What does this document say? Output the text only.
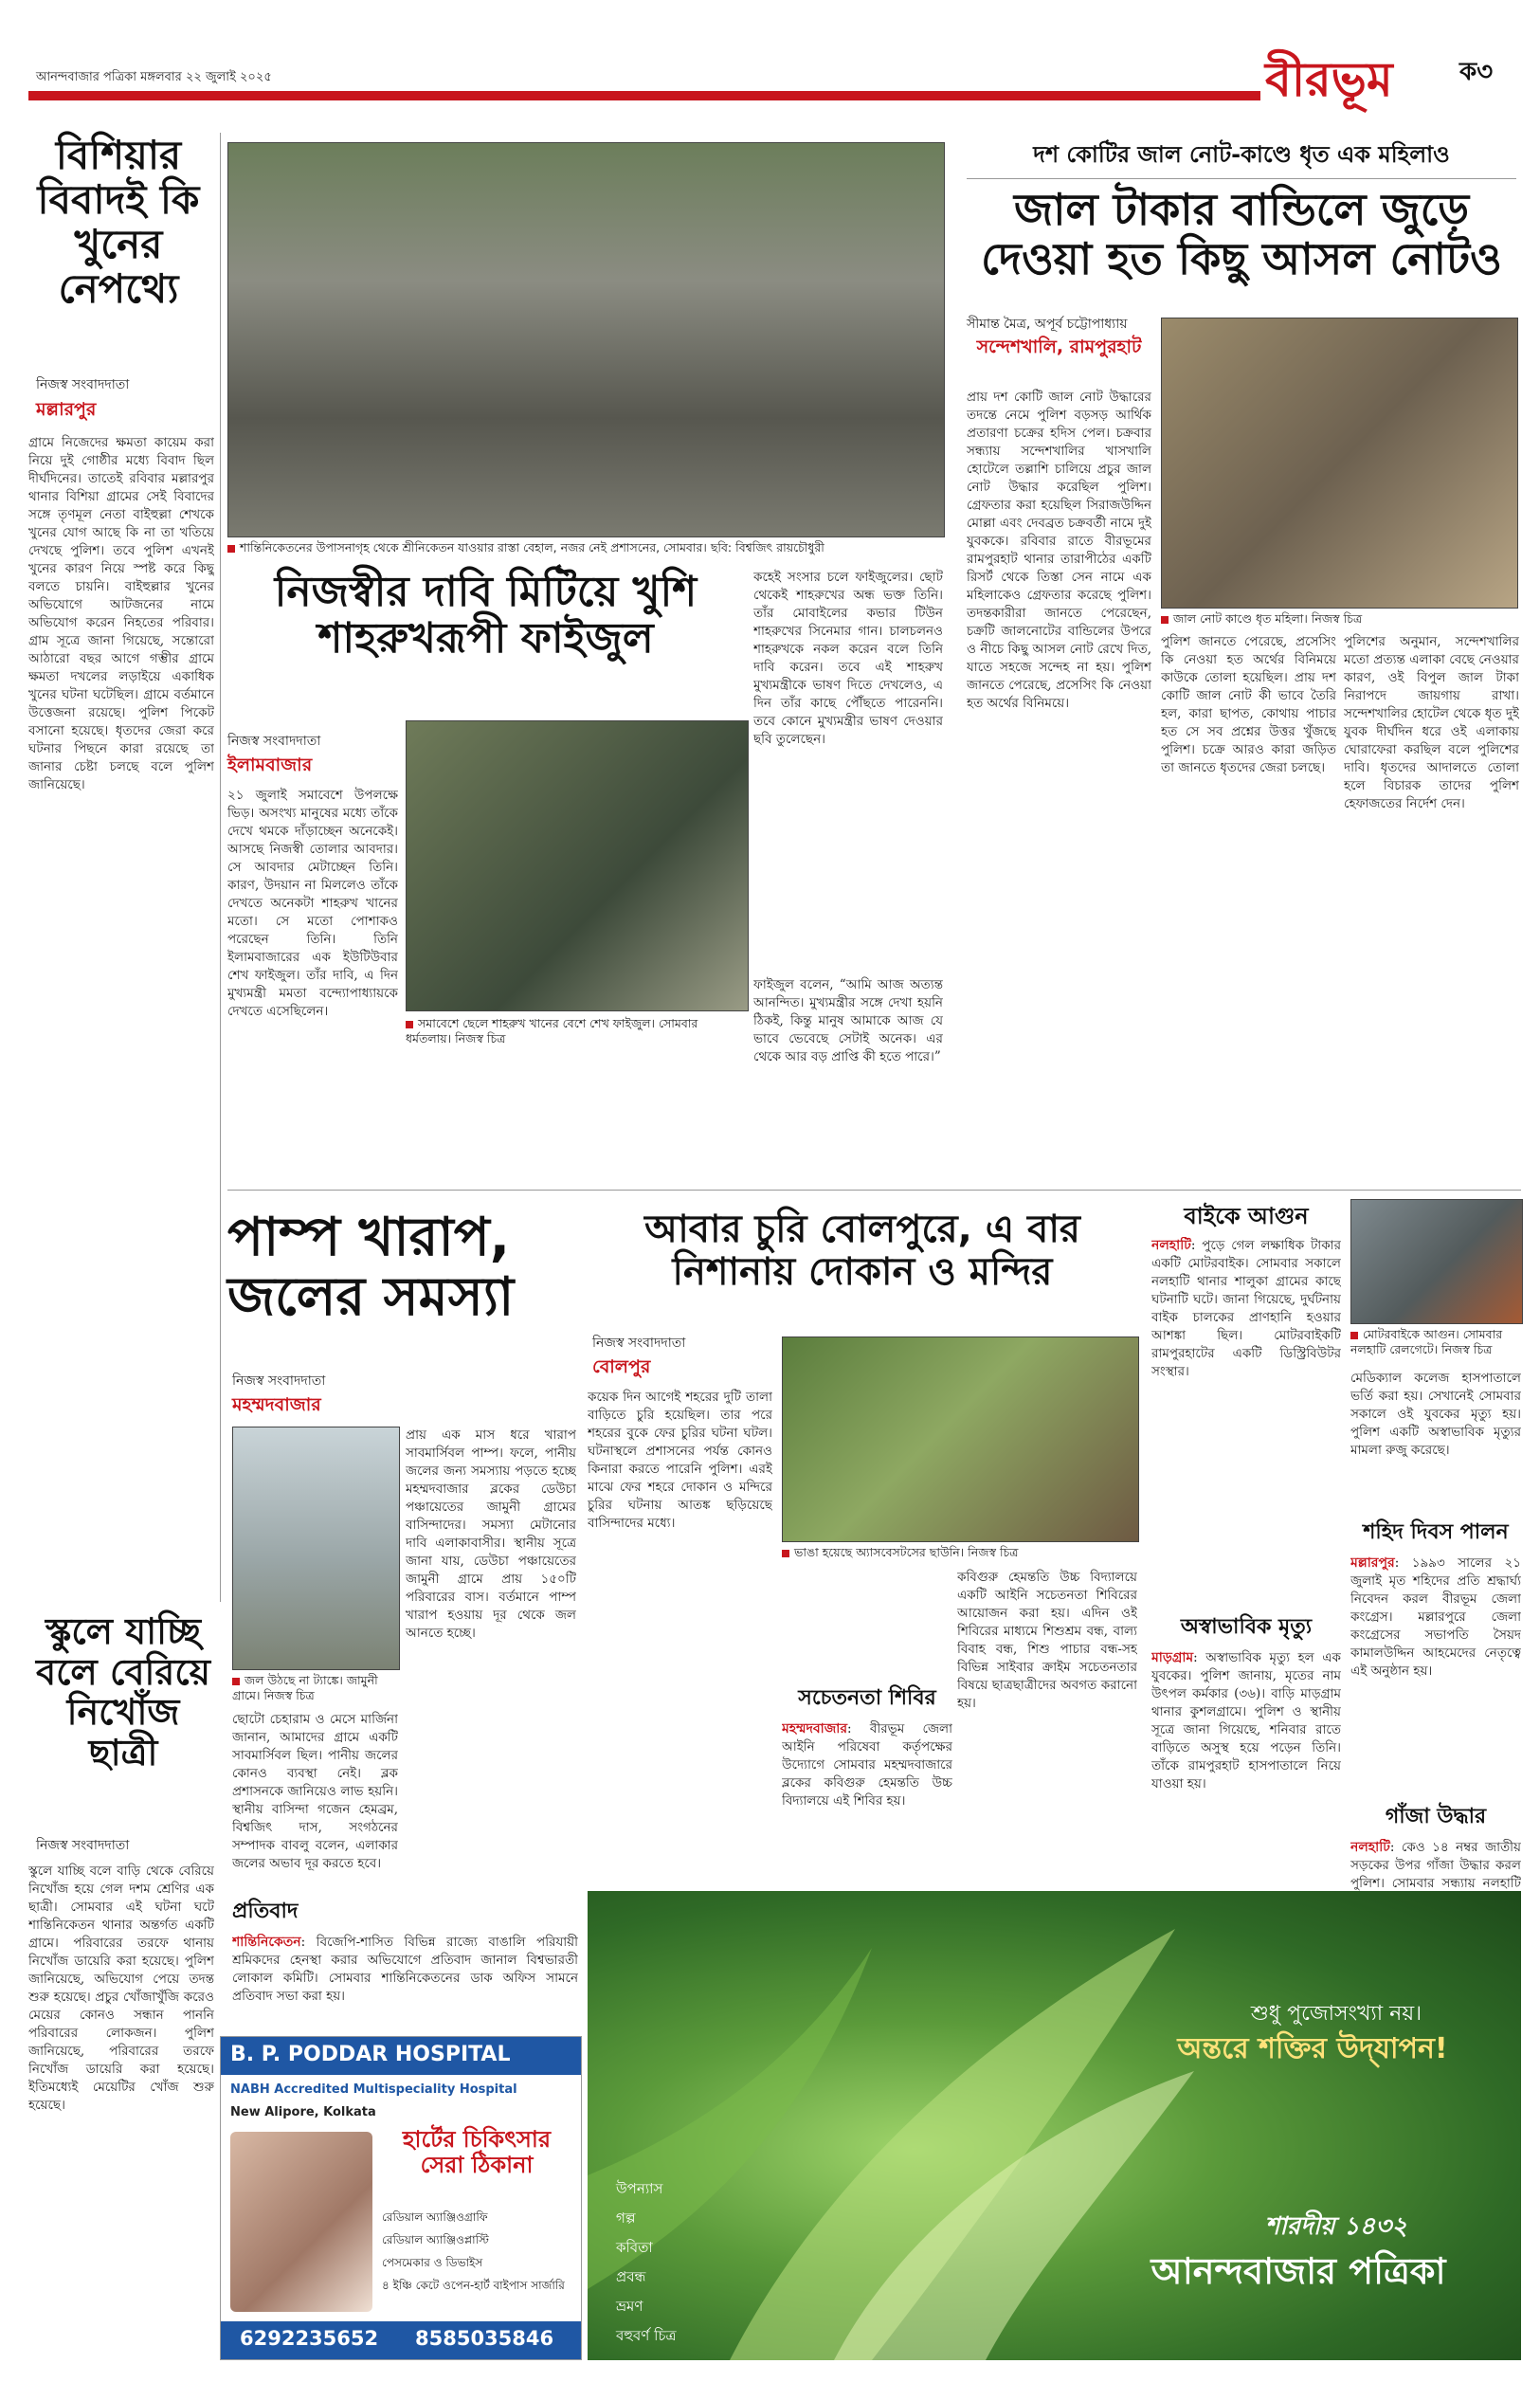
আনন্দবাজার পত্রিকা মঙ্গলবার ২২ জুলাই ২০২৫	বীরভূম	ক৩
বিশিয়ার বিবাদই কি খুনের নেপথ্যে
নিজস্ব সংবাদদাতা
মল্লারপুর
গ্রামে নিজেদের ক্ষমতা কায়েম করা নিয়ে দুই গোষ্ঠীর মধ্যে বিবাদ ছিল দীর্ঘদিনের। তাতেই রবিবার মল্লারপুর থানার বিশিয়া গ্রামের সেই বিবাদের সঙ্গে তৃণমূল নেতা বাইহুল্লা শেখকে খুনের যোগ আছে কি না তা খতিয়ে দেখছে পুলিশ। তবে পুলিশ এখনই খুনের কারণ নিয়ে স্পষ্ট করে কিছু বলতে চায়নি। বাইহুল্লার খুনের অভিযোগে আটজনের নামে অভিযোগ করেন নিহতের পরিবার। গ্রাম সূত্রে জানা গিয়েছে, সন্তোরো আঠারো বছর আগে গম্ভীর গ্রামে ক্ষমতা দখলের লড়াইয়ে একাধিক খুনের ঘটনা ঘটেছিল। গ্রামে বর্তমানে উত্তেজনা রয়েছে। পুলিশ পিকেট বসানো হয়েছে। ধৃতদের জেরা করে ঘটনার পিছনে কারা রয়েছে তা জানার চেষ্টা চলছে বলে পুলিশ জানিয়েছে।
শান্তিনিকেতনের উপাসনাগৃহ থেকে শ্রীনিকেতন যাওয়ার রাস্তা বেহাল, নজর নেই প্রশাসনের, সোমবার। ছবি: বিশ্বজিৎ রায়চৌধুরী
দশ কোটির জাল নোট-কাণ্ডে ধৃত এক মহিলাও
জাল টাকার বান্ডিলে জুড়ে দেওয়া হত কিছু আসল নোটও
সীমান্ত মৈত্র, অপূর্ব চট্টোপাধ্যায়
সন্দেশখালি, রামপুরহাট
প্রায় দশ কোটি জাল নোট উদ্ধারের তদন্তে নেমে পুলিশ বড়সড় আর্থিক প্রতারণা চক্রের হদিস পেল। চক্রবার সন্ধ্যায় সন্দেশখালির খাসখালি হোটেলে তল্লাশি চালিয়ে প্রচুর জাল নোট উদ্ধার করেছিল পুলিশ। গ্রেফতার করা হয়েছিল সিরাজউদ্দিন মোল্লা এবং দেবব্রত চক্রবর্তী নামে দুই যুবককে। রবিবার রাতে বীরভূমের রামপুরহাট থানার তারাপীঠের একটি রিসর্ট থেকে তিস্তা সেন নামে এক মহিলাকেও গ্রেফতার করেছে পুলিশ। তদন্তকারীরা জানতে পেরেছেন, চক্রটি জালনোটের বান্ডিলের উপরে ও নীচে কিছু আসল নোট রেখে দিত, যাতে সহজে সন্দেহ না হয়। পুলিশ জানতে পেরেছে, প্রসেসিং কি নেওয়া হত অর্থের বিনিময়ে।
জাল নোট কাণ্ডে ধৃত মহিলা। নিজস্ব চিত্র
পুলিশ জানতে পেরেছে, প্রসেসিং কি নেওয়া হত অর্থের বিনিময়ে কাউকে তোলা হয়েছিল। প্রায় দশ কোটি জাল নোট কী ভাবে তৈরি হল, কারা ছাপত, কোথায় পাচার হত সে সব প্রশ্নের উত্তর খুঁজছে পুলিশ। চক্রে আরও কারা জড়িত তা জানতে ধৃতদের জেরা চলছে।
পুলিশের অনুমান, সন্দেশখালির মতো প্রত্যন্ত এলাকা বেছে নেওয়ার কারণ, ওই বিপুল জাল টাকা নিরাপদে জায়গায় রাখা। সন্দেশখালির হোটেল থেকে ধৃত দুই যুবক দীর্ঘদিন ধরে ওই এলাকায় ঘোরাফেরা করছিল বলে পুলিশের দাবি। ধৃতদের আদালতে তোলা হলে বিচারক তাদের পুলিশ হেফাজতের নির্দেশ দেন।
নিজস্বীর দাবি মিটিয়ে খুশি শাহরুখরূপী ফাইজুল
নিজস্ব সংবাদদাতা
ইলামবাজার
২১ জুলাই সমাবেশে উপলক্ষে ভিড়। অসংখ্য মানুষের মধ্যে তাঁকে দেখে থমকে দাঁড়াচ্ছেন অনেকেই। আসছে নিজস্বী তোলার আবদার। সে আবদার মেটাচ্ছেন তিনি। কারণ, উদয়ান না মিললেও তাঁকে দেখতে অনেকটা শাহরুখ খানের মতো। সে মতো পোশাকও পরেছেন তিনি। তিনি ইলামবাজারের এক ইউটিউবার শেখ ফাইজুল। তাঁর দাবি, এ দিন মুখ্যমন্ত্রী মমতা বন্দ্যোপাধ্যায়কে দেখতে এসেছিলেন।
সমাবেশে ছেলে শাহরুখ খানের বেশে শেখ ফাইজুল। সোমবার ধর্মতলায়। নিজস্ব চিত্র
কহেই সংসার চলে ফাইজুলের। ছোট থেকেই শাহরুখের অন্ধ ভক্ত তিনি। তাঁর মোবাইলের কভার টিউন শাহরুখের সিনেমার গান। চালচলনও শাহরুখকে নকল করেন বলে তিনি দাবি করেন। তবে এই শাহরুখ মুখ্যমন্ত্রীকে ভাষণ দিতে দেখলেও, এ দিন তাঁর কাছে পৌঁছতে পারেননি। তবে কোনে মুখ্যমন্ত্রীর ভাষণ দেওয়ার ছবি তুলেছেন।
ফাইজুল বলেন, “আমি আজ অত্যন্ত আনন্দিত। মুখ্যমন্ত্রীর সঙ্গে দেখা হয়নি ঠিকই, কিন্তু মানুষ আমাকে আজ যে ভাবে ভেবেছে সেটাই অনেক। এর থেকে আর বড় প্রাপ্তি কী হতে পারে।”
পাম্প খারাপ, জলের সমস্যা
নিজস্ব সংবাদদাতা
মহম্মদবাজার
জল উঠছে না ট্যাঙ্কে। জামুনী গ্রামে। নিজস্ব চিত্র
প্রায় এক মাস ধরে খারাপ সাবমার্সিবল পাম্প। ফলে, পানীয় জলের জন্য সমস্যায় পড়তে হচ্ছে মহম্মদবাজার ব্লকের ডেউচা পঞ্চায়েতের জামুনী গ্রামের বাসিন্দাদের। সমস্যা মেটানোর দাবি এলাকাবাসীর। স্থানীয় সূত্রে জানা যায়, ডেউচা পঞ্চায়েতের জামুনী গ্রামে প্রায় ১৫০টি পরিবারের বাস। বর্তমানে পাম্প খারাপ হওয়ায় দূর থেকে জল আনতে হচ্ছে।
ছোটো চেহারাম ও মেসে মার্জিনা জানান, আমাদের গ্রামে একটি সাবমার্সিবল ছিল। পানীয় জলের কোনও ব্যবস্থা নেই। ব্লক প্রশাসনকে জানিয়েও লাভ হয়নি। স্থানীয় বাসিন্দা গজেন হেমব্রম, বিশ্বজিৎ দাস, সংগঠনের সম্পাদক বাবলু বলেন, এলাকার জলের অভাব দূর করতে হবে।
আবার চুরি বোলপুরে, এ বার নিশানায় দোকান ও মন্দির
নিজস্ব সংবাদদাতা
বোলপুর
কয়েক দিন আগেই শহরের দুটি তালা বাড়িতে চুরি হয়েছিল। তার পরে শহরের বুকে ফের চুরির ঘটনা ঘটল। ঘটনাস্থলে প্রশাসনের পর্যন্ত কোনও কিনারা করতে পারেনি পুলিশ। এরই মাঝে ফের শহরে দোকান ও মন্দিরে চুরির ঘটনায় আতঙ্ক ছড়িয়েছে বাসিন্দাদের মধ্যে।
ভাঙা হয়েছে অ্যাসবেসটসের ছাউনি। নিজস্ব চিত্র
কবিগুরু হেমন্ততি উচ্চ বিদ্যালয়ে একটি আইনি সচেতনতা শিবিরের আয়োজন করা হয়। এদিন ওই শিবিরের মাধ্যমে শিশুশ্রম বন্ধ, বাল্য বিবাহ বন্ধ, শিশু পাচার বন্ধ-সহ বিভিন্ন সাইবার ক্রাইম সচেতনতার বিষয়ে ছাত্রছাত্রীদের অবগত করানো হয়।
সচেতনতা শিবির
মহম্মদবাজার: বীরভূম জেলা আইনি পরিষেবা কর্তৃপক্ষের উদ্যোগে সোমবার মহম্মদবাজারে ব্লকের কবিগুরু হেমন্ততি উচ্চ বিদ্যালয়ে এই শিবির হয়।
বাইকে আগুন
নলহাটি: পুড়ে গেল লক্ষাধিক টাকার একটি মোটরবাইক। সোমবার সকালে নলহাটি থানার শালুকা গ্রামের কাছে ঘটনাটি ঘটে। জানা গিয়েছে, দুর্ঘটনায় বাইক চালকের প্রাণহানি হওয়ার আশঙ্কা ছিল। মোটরবাইকটি রামপুরহাটের একটি ডিস্ট্রিবিউটর সংস্থার।
মোটরবাইকে আগুন। সোমবার নলহাটি রেলগেটে। নিজস্ব চিত্র
মেডিক্যাল কলেজ হাসপাতালে ভর্তি করা হয়। সেখানেই সোমবার সকালে ওই যুবকের মৃত্যু হয়। পুলিশ একটি অস্বাভাবিক মৃত্যুর মামলা রুজু করেছে।
শহিদ দিবস পালন
মল্লারপুর: ১৯৯৩ সালের ২১ জুলাই মৃত শহিদের প্রতি শ্রদ্ধার্ঘ্য নিবেদন করল বীরভূম জেলা কংগ্রেস। মল্লারপুরে জেলা কংগ্রেসের সভাপতি সৈয়দ কামালউদ্দিন আহমেদের নেতৃত্বে এই অনুষ্ঠান হয়।
গাঁজা উদ্ধার
নলহাটি: কেও ১৪ নম্বর জাতীয় সড়কের উপর গাঁজা উদ্ধার করল পুলিশ। সোমবার সন্ধ্যায় নলহাটি
অস্বাভাবিক মৃত্যু
মাড়গ্রাম: অস্বাভাবিক মৃত্যু হল এক যুবকের। পুলিশ জানায়, মৃতের নাম উৎপল কর্মকার (৩৬)। বাড়ি মাড়গ্রাম থানার কুশলগ্রামে। পুলিশ ও স্থানীয় সূত্রে জানা গিয়েছে, শনিবার রাতে বাড়িতে অসুস্থ হয়ে পড়েন তিনি। তাঁকে রামপুরহাট হাসপাতালে নিয়ে যাওয়া হয়।
স্কুলে যাচ্ছি বলে বেরিয়ে নিখোঁজ ছাত্রী
নিজস্ব সংবাদদাতা
স্কুলে যাচ্ছি বলে বাড়ি থেকে বেরিয়ে নিখোঁজ হয়ে গেল দশম শ্রেণির এক ছাত্রী। সোমবার এই ঘটনা ঘটে শান্তিনিকেতন থানার অন্তর্গত একটি গ্রামে। পরিবারের তরফে থানায় নিখোঁজ ডায়েরি করা হয়েছে। পুলিশ জানিয়েছে, অভিযোগ পেয়ে তদন্ত শুরু হয়েছে। প্রচুর খোঁজাখুঁজি করেও মেয়ের কোনও সন্ধান পাননি পরিবারের লোকজন। পুলিশ জানিয়েছে, পরিবারের তরফে নিখোঁজ ডায়েরি করা হয়েছে। ইতিমধ্যেই মেয়েটির খোঁজ শুরু হয়েছে।
প্রতিবাদ
শান্তিনিকেতন: বিজেপি-শাসিত বিভিন্ন রাজ্যে বাঙালি পরিযায়ী শ্রমিকদের হেনস্থা করার অভিযোগে প্রতিবাদ জানাল বিশ্বভারতী লোকাল কমিটি। সোমবার শান্তিনিকেতনের ডাক অফিস সামনে প্রতিবাদ সভা করা হয়।
B. P. PODDAR HOSPITAL
NABH Accredited Multispeciality Hospital
New Alipore, Kolkata
হার্টের চিকিৎসার সেরা ঠিকানা
রেডিয়াল অ্যাঞ্জিওগ্রাফি
রেডিয়াল অ্যাঞ্জিওপ্লাস্টি
পেসমেকার ও ডিভাইস
৪ ইঞ্চি কেটে ওপেন-হার্ট বাইপাস সার্জারি
6292235652 8585035846
উপন্যাস
গল্প
কবিতা
প্রবন্ধ
ভ্রমণ
বহুবর্ণ চিত্র
শুধু পুজোসংখ্যা নয়।
অন্তরে শক্তির উদ্‌যাপন!
শারদীয় ১৪৩২
আনন্দবাজার পত্রিকা
